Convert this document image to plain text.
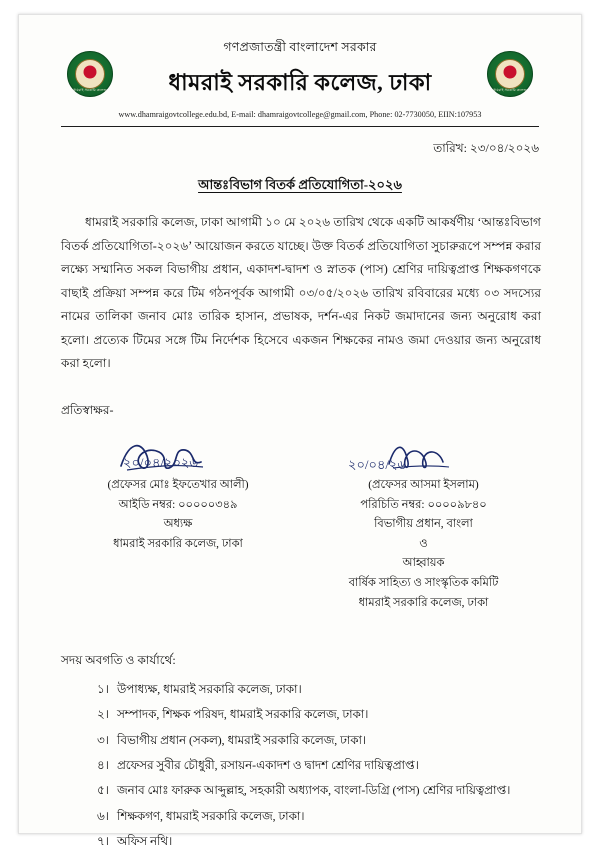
ধামরাই সরকারি কলেজ	ধামরাই সরকারি কলেজ
গণপ্রজাতন্ত্রী বাংলাদেশ সরকার
ধামরাই সরকারি কলেজ, ঢাকা
www.dhamraigovtcollege.edu.bd, E-mail: dhamraigovtcollege@gmail.com, Phone: 02-7730050, EIIN:107953
তারিখ: ২৩/০৪/২০২৬
আন্তঃবিভাগ বিতর্ক প্রতিযোগিতা-২০২৬
ধামরাই সরকারি কলেজ, ঢাকা আগামী ১০ মে ২০২৬ তারিখ থেকে একটি আকর্ষণীয় ‘আন্তঃবিভাগ বিতর্ক প্রতিযোগিতা-২০২৬’ আয়োজন করতে যাচ্ছে। উক্ত বিতর্ক প্রতিযোগিতা সুচারুরূপে সম্পন্ন করার লক্ষ্যে সম্মানিত সকল বিভাগীয় প্রধান, একাদশ-দ্বাদশ ও স্নাতক (পাস) শ্রেণির দায়িত্বপ্রাপ্ত শিক্ষকগণকে বাছাই প্রক্রিয়া সম্পন্ন করে টিম গঠনপূর্বক আগামী ০৩/০৫/২০২৬ তারিখ রবিবারের মধ্যে ০৩ সদস্যের নামের তালিকা জনাব মোঃ তারিক হাসান, প্রভাষক, দর্শন-এর নিকট জমাদানের জন্য অনুরোধ করা হলো। প্রত্যেক টিমের সঙ্গে টিম নির্দেশক হিসেবে একজন শিক্ষকের নামও জমা দেওয়ার জন্য অনুরোধ করা হলো।
প্রতিস্বাক্ষর-
২০/০৪/২০২৬
(প্রফেসর মোঃ ইফতেখার আলী)
আইডি নম্বর: ০০০০০৩৪৯
অধ্যক্ষ
ধামরাই সরকারি কলেজ, ঢাকা
২০/০৪/২৬
(প্রফেসর আসমা ইসলাম)
পরিচিতি নম্বর: ০০০০৯৮৪০
বিভাগীয় প্রধান, বাংলা
ও
আহ্বায়ক
বার্ষিক সাহিত্য ও সাংস্কৃতিক কমিটি
ধামরাই সরকারি কলেজ, ঢাকা
সদয় অবগতি ও কার্যার্থে:
১। উপাধ্যক্ষ, ধামরাই সরকারি কলেজ, ঢাকা।
২। সম্পাদক, শিক্ষক পরিষদ, ধামরাই সরকারি কলেজ, ঢাকা।
৩। বিভাগীয় প্রধান (সকল), ধামরাই সরকারি কলেজ, ঢাকা।
৪। প্রফেসর সুবীর চৌধুরী, রসায়ন-একাদশ ও দ্বাদশ শ্রেণির দায়িত্বপ্রাপ্ত।
৫। জনাব মোঃ ফারুক আব্দুল্লাহ, সহকারী অধ্যাপক, বাংলা-ডিগ্রি (পাস) শ্রেণির দায়িত্বপ্রাপ্ত।
৬। শিক্ষকগণ, ধামরাই সরকারি কলেজ, ঢাকা।
৭। অফিস নথি।
